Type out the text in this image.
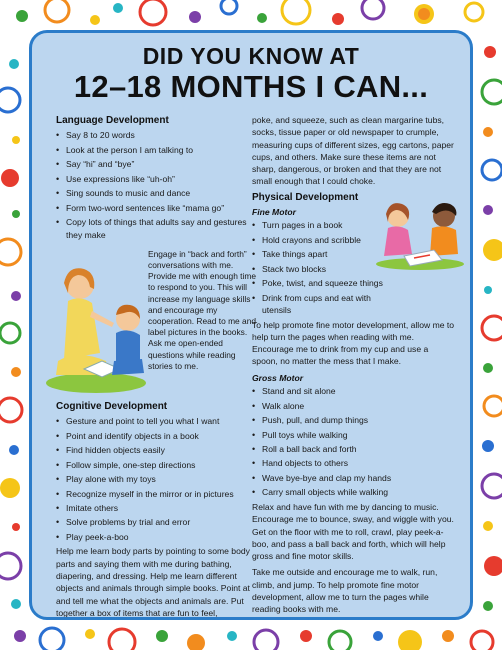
DID YOU KNOW AT
12–18 MONTHS I CAN...
Language Development
• Say 8 to 20 words
• Look at the person I am talking to
• Say “hi” and “bye”
• Use expressions like “uh-oh”
• Sing sounds to music and dance
• Form two-word sentences like “mama go”
• Copy lots of things that adults say and gestures they make
Engage in “back and forth” conversations with me. Provide me with enough time to respond to you. This will increase my language skills and encourage my cooperation. Read to me and label pictures in the books. Ask me open-ended questions while reading stories to me.
Cognitive Development
• Gesture and point to tell you what I want
• Point and identify objects in a book
• Find hidden objects easily
• Follow simple, one-step directions
• Play alone with my toys
• Recognize myself in the mirror or in pictures
• Imitate others
• Solve problems by trial and error
• Play peek-a-boo

Help me learn body parts by pointing to some body parts and saying them with me during bathing, diapering, and dressing. Help me learn different objects and animals through simple books. Point at and tell me what the objects and animals are. Put together a box of items that are fun to feel,

poke, and squeeze, such as clean margarine tubs, socks, tissue paper or old newspaper to crumple, measuring cups of different sizes, egg cartons, paper cups, and others. Make sure these items are not sharp, dangerous, or broken and that they are not small enough that I could choke.

Physical Development
Fine Motor
• Turn pages in a book
• Hold crayons and scribble
• Take things apart
• Stack two blocks
• Poke, twist, and squeeze things
• Drink from cups and eat with utensils

To help promote fine motor development, allow me to help turn the pages when reading with me. Encourage me to drink from my cup and use a spoon, no matter the mess that I make.

Gross Motor
• Stand and sit alone
• Walk alone
• Push, pull, and dump things
• Pull toys while walking
• Roll a ball back and forth
• Hand objects to others
• Wave bye-bye and clap my hands
• Carry small objects while walking

Relax and have fun with me by dancing to music. Encourage me to bounce, sway, and wiggle with you. Get on the floor with me to roll, crawl, play peek-a-boo, and pass a ball back and forth, which will help gross and fine motor skills.

Take me outside and encourage me to walk, run, climb, and jump. To help promote fine motor development, allow me to turn the pages while reading books with me.
